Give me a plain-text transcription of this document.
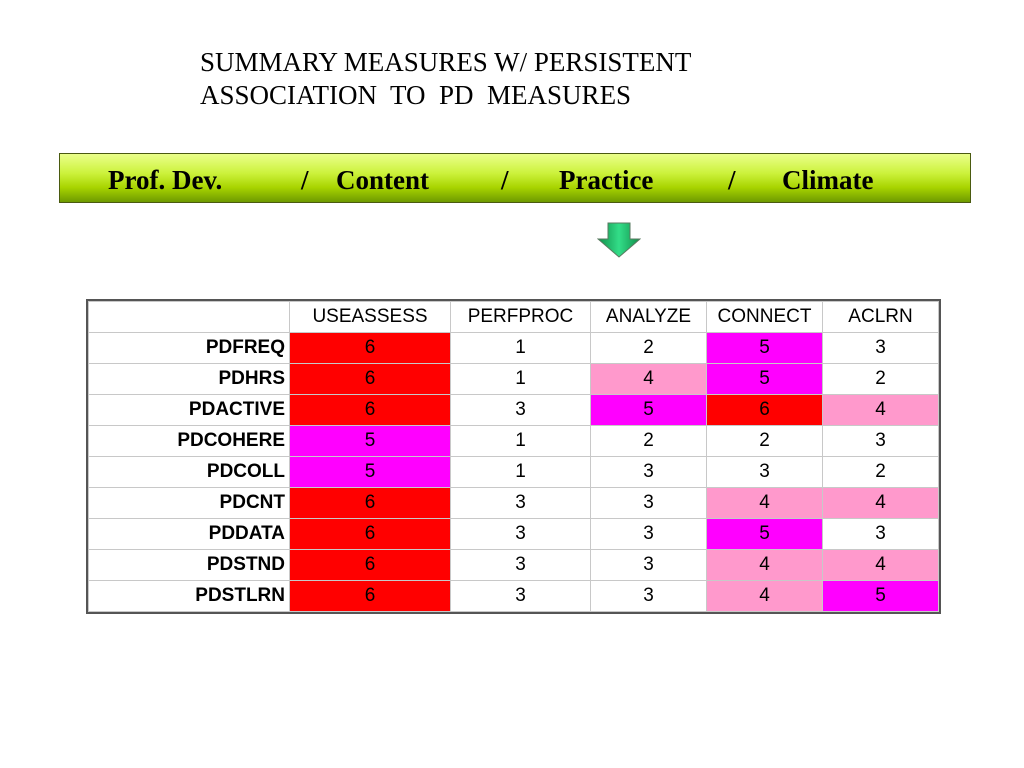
SUMMARY MEASURES W/ PERSISTENT
ASSOCIATION  TO  PD  MEASURES
Prof. Dev.	/ Content	/ Practice	/ Climate
	USEASSESS	PERFPROC	ANALYZE	CONNECT	ACLRN
PDFREQ	6	1	2	5	3
PDHRS	6	1	4	5	2
PDACTIVE	6	3	5	6	4
PDCOHERE	5	1	2	2	3
PDCOLL	5	1	3	3	2
PDCNT	6	3	3	4	4
PDDATA	6	3	3	5	3
PDSTND	6	3	3	4	4
PDSTLRN	6	3	3	4	5
